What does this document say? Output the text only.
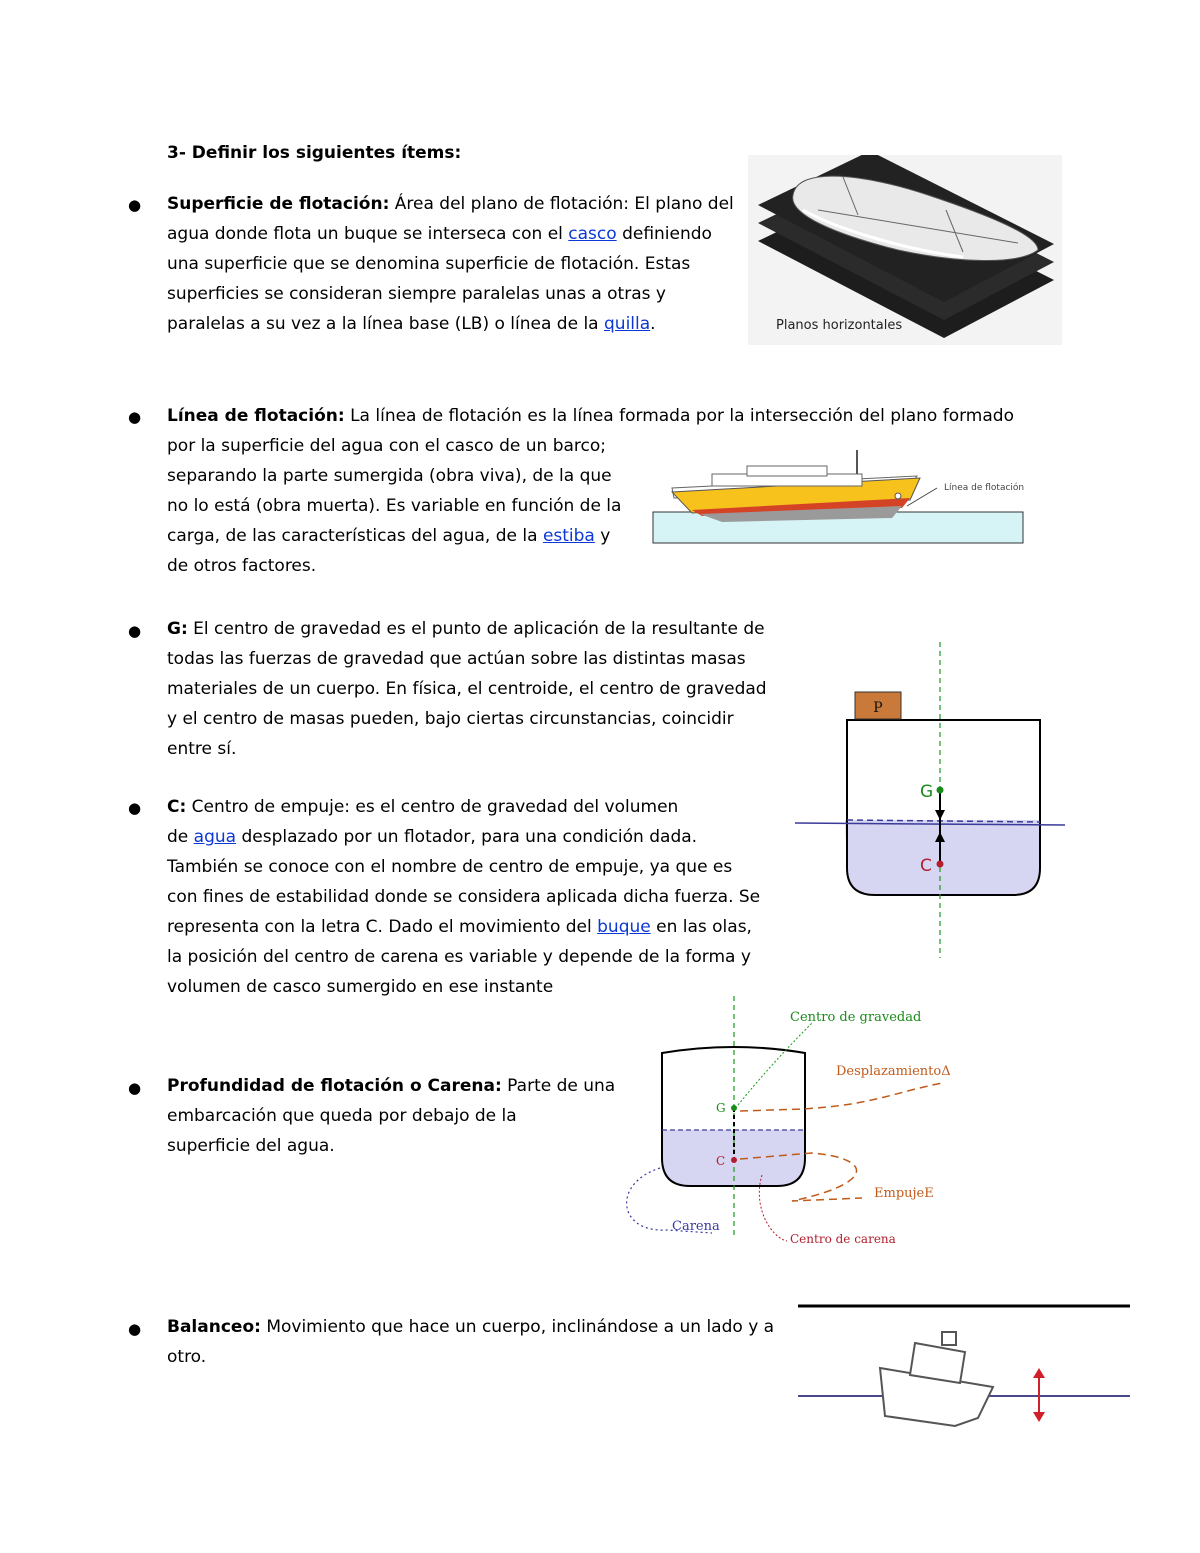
3- Definir los siguientes ítems:
● Superficie de flotación: Área del plano de flotación: El plano del
agua donde flota un buque se interseca con el casco definiendo
una superficie que se denomina superficie de flotación. Estas
superficies se consideran siempre paralelas unas a otras y
paralelas a su vez a la línea base (LB) o línea de la quilla.	Planos horizontales
● Línea de flotación: La línea de flotación es la línea formada por la intersección del plano formado
por la superficie del agua con el casco de un barco;
separando la parte sumergida (obra viva), de la que
no lo está (obra muerta). Es variable en función de la
carga, de las características del agua, de la estiba y
de otros factores.
Línea de flotación
● G: El centro de gravedad es el punto de aplicación de la resultante de
todas las fuerzas de gravedad que actúan sobre las distintas masas
materiales de un cuerpo. En física, el centroide, el centro de gravedad
y el centro de masas pueden, bajo ciertas circunstancias, coincidir
entre sí.
● C: Centro de empuje: es el centro de gravedad del volumen
de agua desplazado por un flotador, para una condición dada.
También se conoce con el nombre de centro de empuje, ya que es
con fines de estabilidad donde se considera aplicada dicha fuerza. Se
representa con la letra C. Dado el movimiento del buque en las olas,
la posición del centro de carena es variable y depende de la forma y
volumen de casco sumergido en ese instante
P
G
C
● Profundidad de flotación o Carena: Parte de una
embarcación que queda por debajo de la
superficie del agua.
G
C
Centro de gravedad
DesplazamientoΔ
EmpujeE
Carena
Centro de carena
● Balanceo: Movimiento que hace un cuerpo, inclinándose a un lado y a
otro.
